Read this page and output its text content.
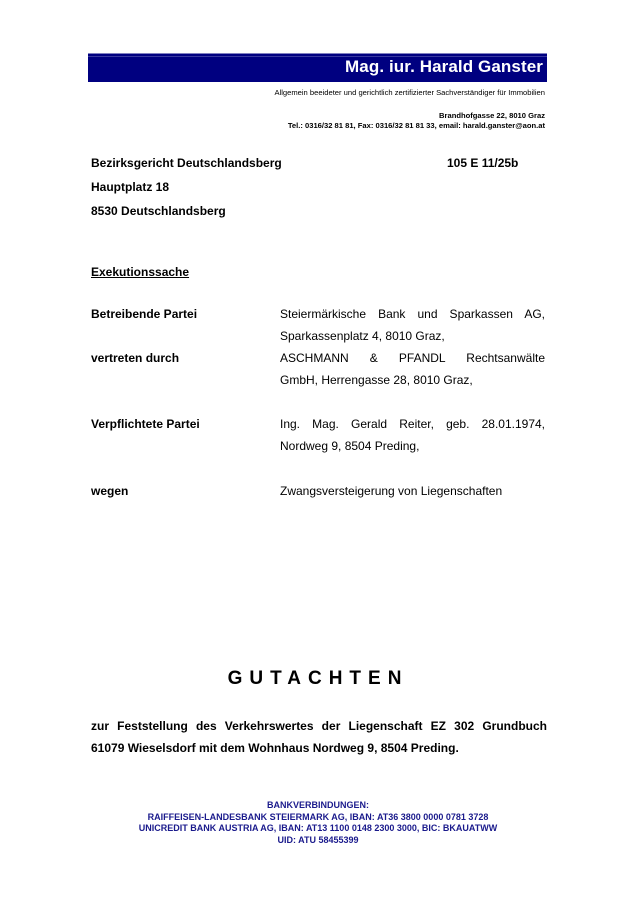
Mag. iur. Harald Ganster
Allgemein beeideter und gerichtlich zertifizierter Sachverständiger für Immobilien
Brandhofgasse 22, 8010 Graz
Tel.: 0316/32 81 81, Fax: 0316/32 81 81 33, email: harald.ganster@aon.at
Bezirksgericht Deutschlandsberg
Hauptplatz 18
8530 Deutschlandsberg
105 E 11/25b
Exekutionssache
Betreibende Partei	Steiermärkische Bank und Sparkassen AG,
Sparkassenplatz 4, 8010 Graz,
vertreten durch	ASCHMANN & PFANDL Rechtsanwälte
GmbH, Herrengasse 28, 8010 Graz,
Verpflichtete Partei	Ing. Mag. Gerald Reiter, geb. 28.01.1974,
Nordweg 9, 8504 Preding,
wegen	Zwangsversteigerung von Liegenschaften
GUTACHTEN
zur Feststellung des Verkehrswertes der Liegenschaft EZ 302 Grundbuch
61079 Wieselsdorf mit dem Wohnhaus Nordweg 9, 8504 Preding.
BANKVERBINDUNGEN:
RAIFFEISEN-LANDESBANK STEIERMARK AG, IBAN: AT36 3800 0000 0781 3728
UNICREDIT BANK AUSTRIA AG, IBAN: AT13 1100 0148 2300 3000, BIC: BKAUATWW
UID: ATU 58455399
